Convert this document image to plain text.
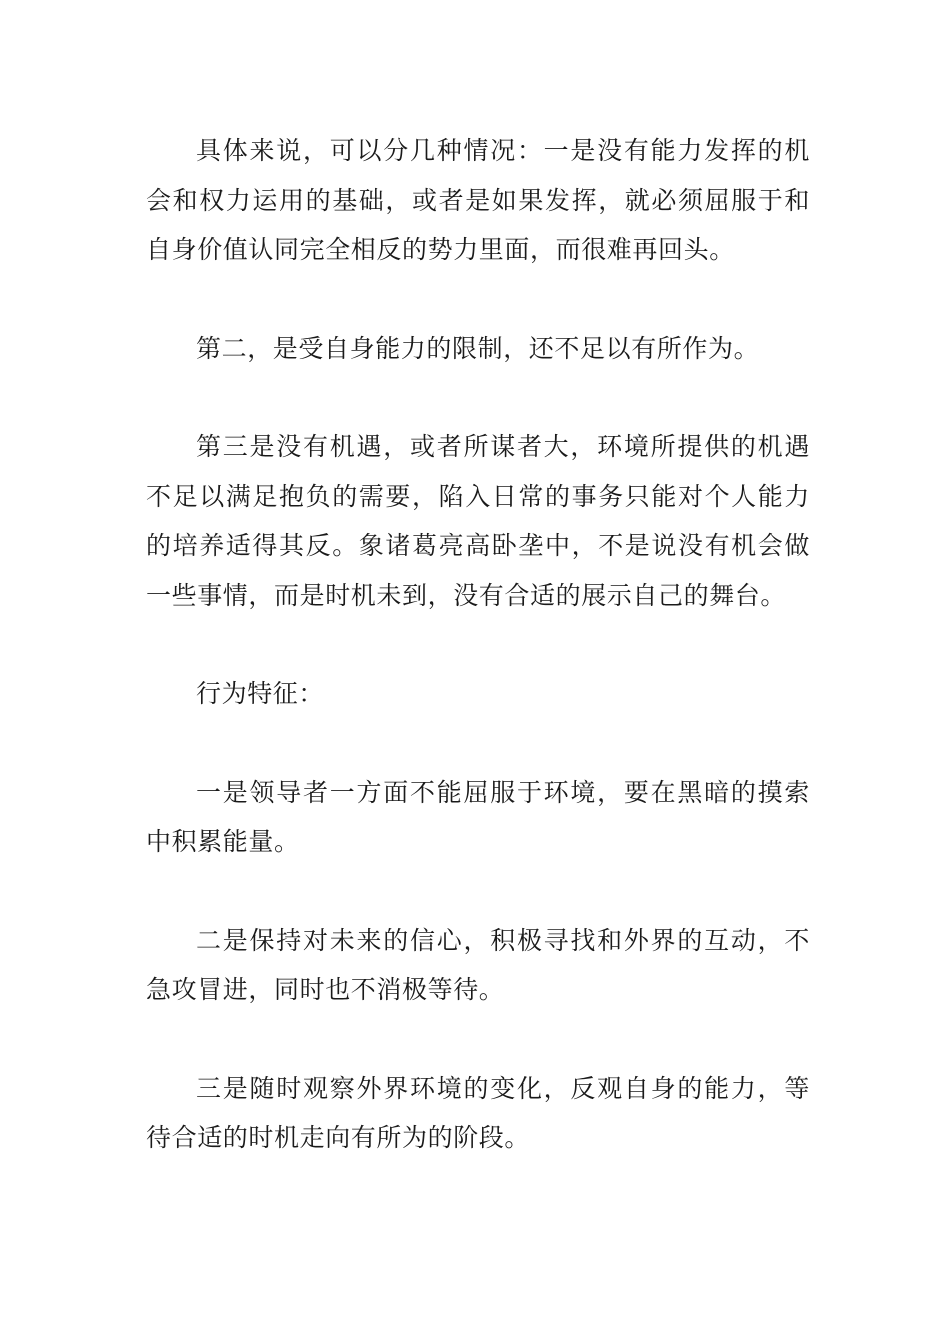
具体来说，可以分几种情况：一是没有能力发挥的机会和权力运用的基础，或者是如果发挥，就必须屈服于和自身价值认同完全相反的势力里面，而很难再回头。

第二，是受自身能力的限制，还不足以有所作为。

第三是没有机遇，或者所谋者大，环境所提供的机遇不足以满足抱负的需要，陷入日常的事务只能对个人能力的培养适得其反。象诸葛亮高卧垄中，不是说没有机会做一些事情，而是时机未到，没有合适的展示自己的舞台。

行为特征：

一是领导者一方面不能屈服于环境，要在黑暗的摸索中积累能量。

二是保持对未来的信心，积极寻找和外界的互动，不急攻冒进，同时也不消极等待。

三是随时观察外界环境的变化，反观自身的能力，等待合适的时机走向有所为的阶段。
